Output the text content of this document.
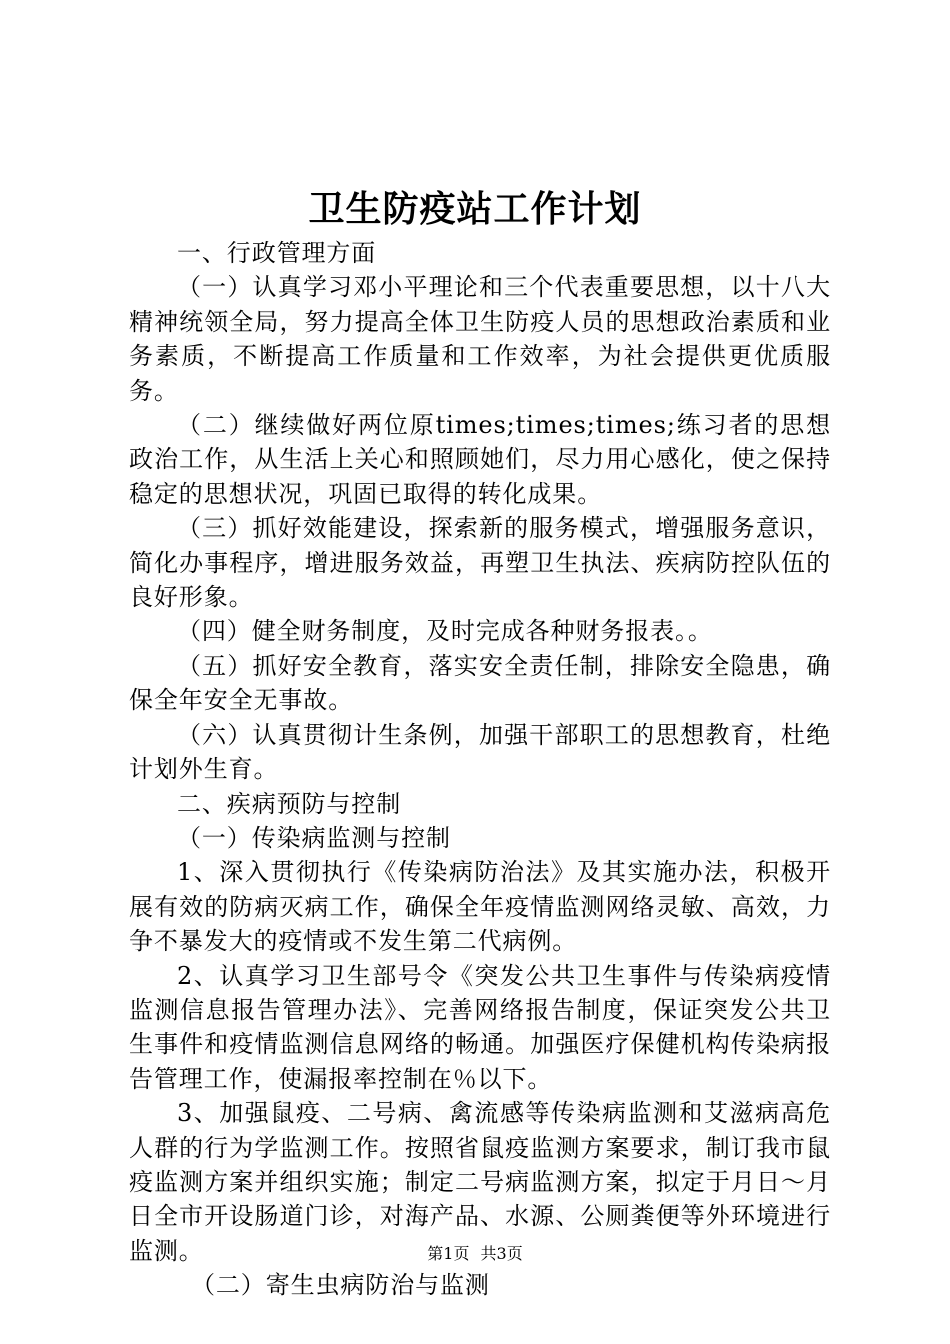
卫生防疫站工作计划

一、行政管理方面

（一）认真学习邓小平理论和三个代表重要思想，以十八大精神统领全局，努力提高全体卫生防疫人员的思想政治素质和业务素质，不断提高工作质量和工作效率，为社会提供更优质服务。

（二）继续做好两位原times;times;times;练习者的思想政治工作，从生活上关心和照顾她们，尽力用心感化，使之保持稳定的思想状况，巩固已取得的转化成果。

（三）抓好效能建设，探索新的服务模式，增强服务意识，简化办事程序，增进服务效益，再塑卫生执法、疾病防控队伍的良好形象。

（四）健全财务制度，及时完成各种财务报表。。

（五）抓好安全教育，落实安全责任制，排除安全隐患，确保全年安全无事故。

（六）认真贯彻计生条例，加强干部职工的思想教育，杜绝计划外生育。

二、疾病预防与控制

（一）传染病监测与控制

1、深入贯彻执行《传染病防治法》及其实施办法，积极开展有效的防病灭病工作，确保全年疫情监测网络灵敏、高效，力争不暴发大的疫情或不发生第二代病例。

2、认真学习卫生部号令《突发公共卫生事件与传染病疫情监测信息报告管理办法》、完善网络报告制度，保证突发公共卫生事件和疫情监测信息网络的畅通。加强医疗保健机构传染病报告管理工作，使漏报率控制在％以下。

3、加强鼠疫、二号病、禽流感等传染病监测和艾滋病高危人群的行为学监测工作。按照省鼠疫监测方案要求，制订我市鼠疫监测方案并组织实施；制定二号病监测方案，拟定于月日～月日全市开设肠道门诊，对海产品、水源、公厕粪便等外环境进行监测。

（二）寄生虫病防治与监测

第1页 共3页
